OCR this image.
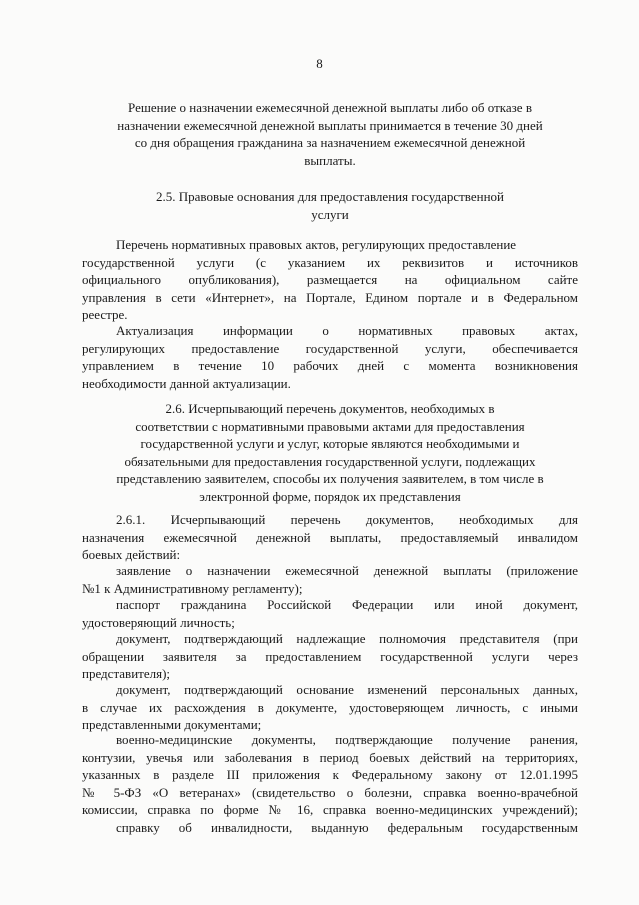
8
Решение о назначении ежемесячной денежной выплаты либо об отказе в
назначении ежемесячной денежной выплаты принимается в течение 30 дней
со дня обращения гражданина за назначением ежемесячной денежной
выплаты.
2.5. Правовые основания для предоставления государственной
услуги
Перечень нормативных правовых актов, регулирующих предоставление
государственной услуги (с указанием их реквизитов и источников
официального опубликования), размещается на официальном сайте
управления в сети «Интернет», на Портале, Едином портале и в Федеральном
реестре.
Актуализация информации о нормативных правовых актах,
регулирующих предоставление государственной услуги, обеспечивается
управлением в течение 10 рабочих дней с момента возникновения
необходимости данной актуализации.
2.6. Исчерпывающий перечень документов, необходимых в
соответствии с нормативными правовыми актами для предоставления
государственной услуги и услуг, которые являются необходимыми и
обязательными для предоставления государственной услуги, подлежащих
представлению заявителем, способы их получения заявителем, в том числе в
электронной форме, порядок их представления
2.6.1. Исчерпывающий перечень документов, необходимых для
назначения ежемесячной денежной выплаты, предоставляемый инвалидом
боевых действий:
заявление о назначении ежемесячной денежной выплаты (приложение
№1 к Административному регламенту);
паспорт гражданина Российской Федерации или иной документ,
удостоверяющий личность;
документ, подтверждающий надлежащие полномочия представителя (при
обращении заявителя за предоставлением государственной услуги через
представителя);
документ, подтверждающий основание изменений персональных данных,
в случае их расхождения в документе, удостоверяющем личность, с иными
представленными документами;
военно-медицинские документы, подтверждающие получение ранения,
контузии, увечья или заболевания в период боевых действий на территориях,
указанных в разделе III приложения к Федеральному закону от 12.01.1995
№ 5-ФЗ «О ветеранах» (свидетельство о болезни, справка военно-врачебной
комиссии, справка по форме № 16, справка военно-медицинских учреждений);
справку об инвалидности, выданную федеральным государственным
